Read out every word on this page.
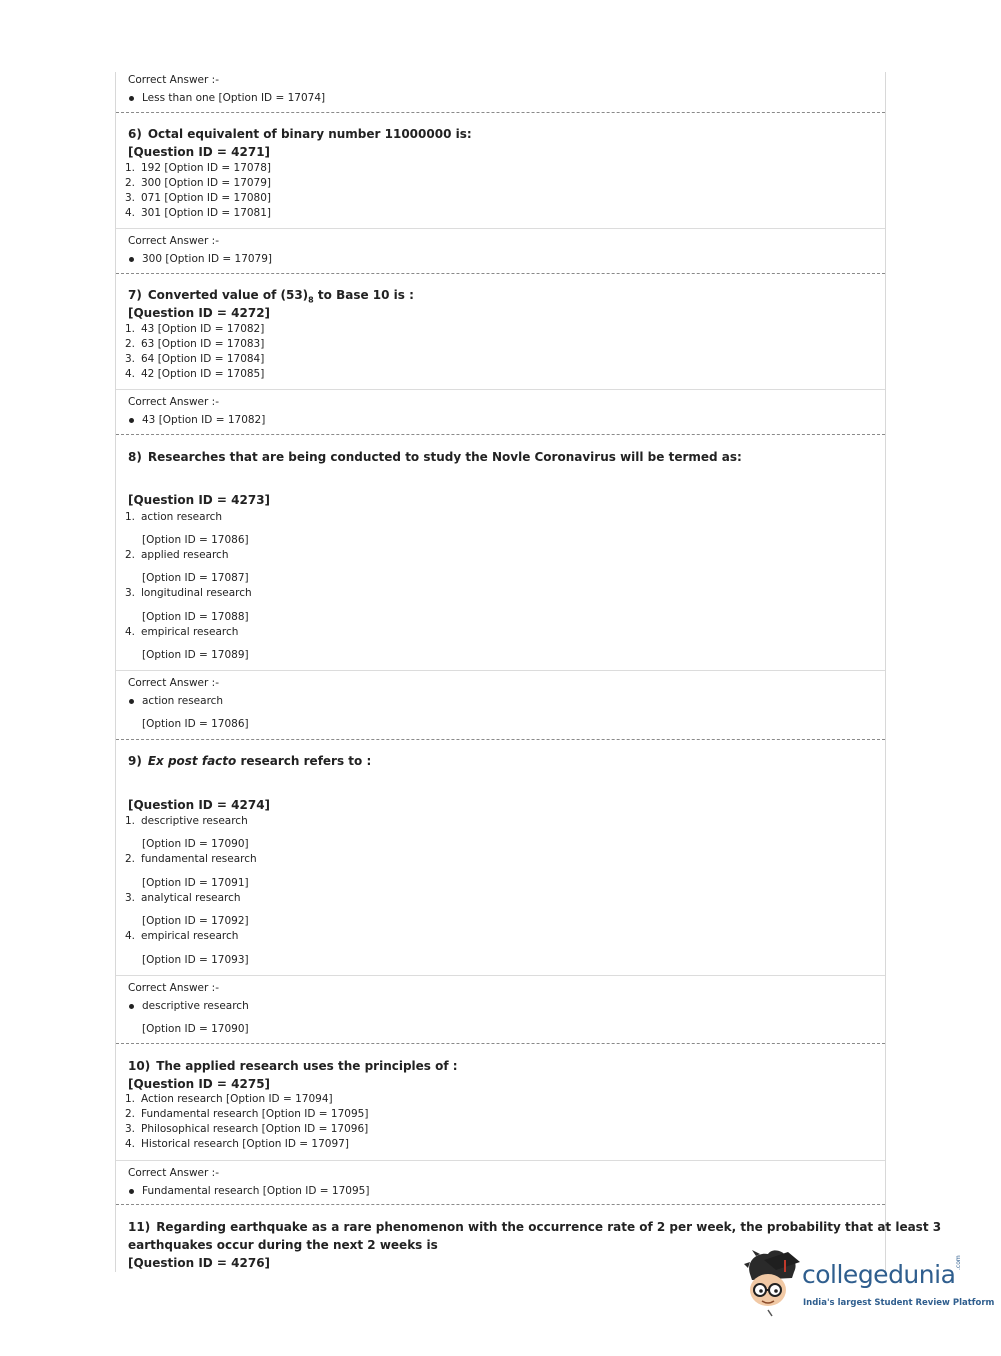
Correct Answer :-
Less than one [Option ID = 17074]
6) Octal equivalent of binary number 11000000 is:
[Question ID = 4271]
1. 192 [Option ID = 17078]
2. 300 [Option ID = 17079]
3. 071 [Option ID = 17080]
4. 301 [Option ID = 17081]
Correct Answer :-
300 [Option ID = 17079]
7) Converted value of $(53)_8$ to Base 10 is :
[Question ID = 4272]
1. 43 [Option ID = 17082]
2. 63 [Option ID = 17083]
3. 64 [Option ID = 17084]
4. 42 [Option ID = 17085]
Correct Answer :-
43 [Option ID = 17082]
8) Researches that are being conducted to study the Novle Coronavirus will be termed as:
[Question ID = 4273]
1. action research
[Option ID = 17086]
2. applied research
[Option ID = 17087]
3. longitudinal research
[Option ID = 17088]
4. empirical research
[Option ID = 17089]
Correct Answer :-
action research
[Option ID = 17086]
9) Ex post facto research refers to :
[Question ID = 4274]
1. descriptive research
[Option ID = 17090]
2. fundamental research
[Option ID = 17091]
3. analytical research
[Option ID = 17092]
4. empirical research
[Option ID = 17093]
Correct Answer :-
descriptive research
[Option ID = 17090]
10) The applied research uses the principles of :
[Question ID = 4275]
1. Action research [Option ID = 17094]
2. Fundamental research [Option ID = 17095]
3. Philosophical research [Option ID = 17096]
4. Historical research [Option ID = 17097]
Correct Answer :-
Fundamental research [Option ID = 17095]
11) Regarding earthquake as a rare phenomenon with the occurrence rate of 2 per week, the probability that at least 3
earthquakes occur during the next 2 weeks is
[Question ID = 4276]	collegedunia .com
India's largest Student Review Platform
